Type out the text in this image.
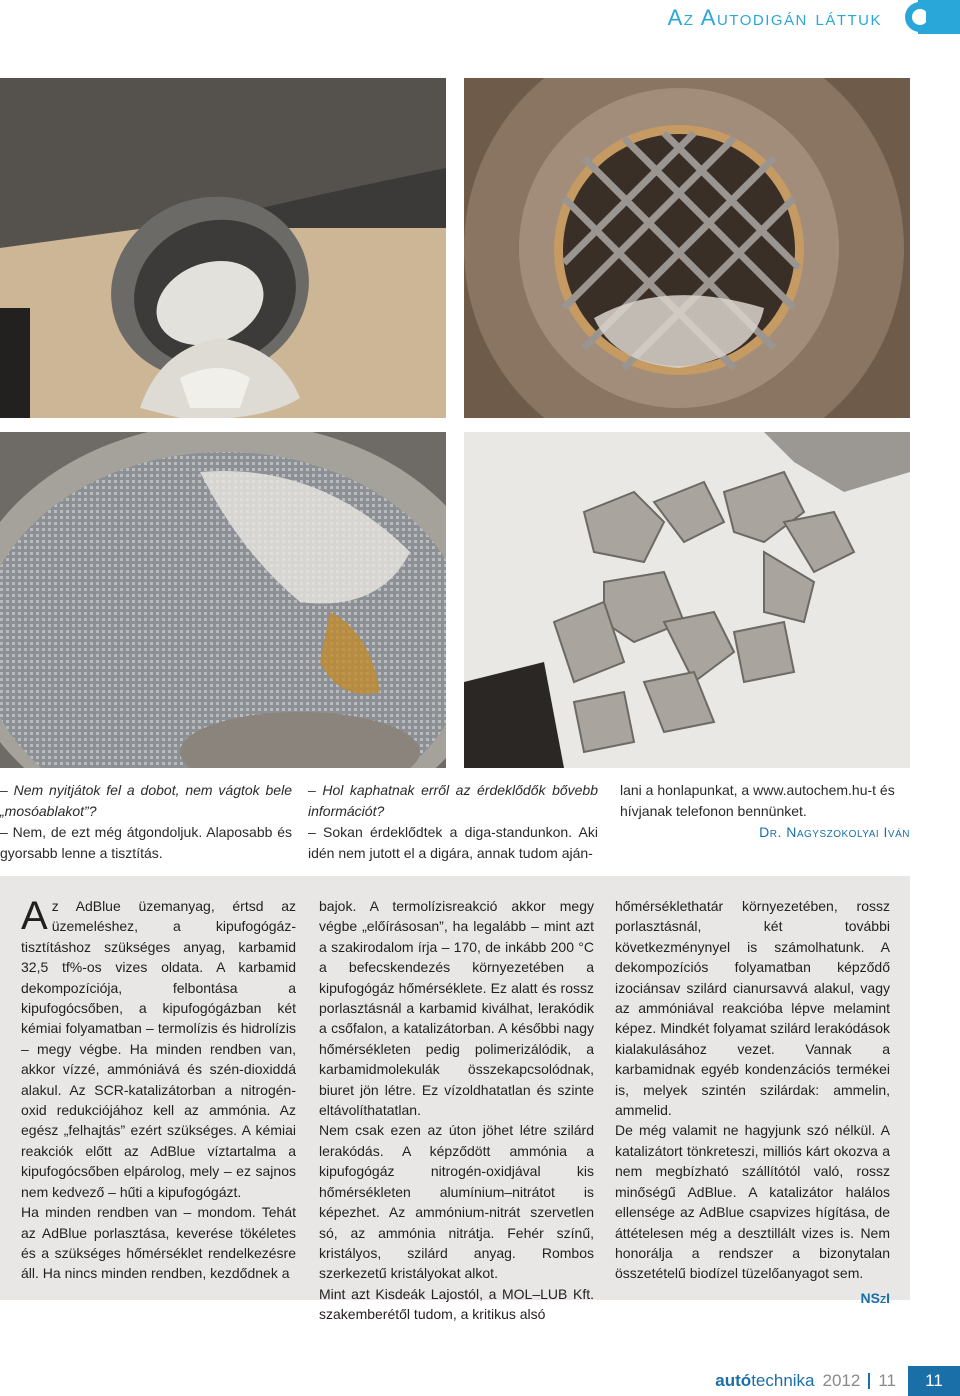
Az Autodigán láttuk

– Nem nyitjátok fel a dobot, nem vágtok bele „mosóablakot”?

– Nem, de ezt még átgondoljuk. Alaposabb és gyorsabb lenne a tisztítás.

– Hol kaphatnak erről az érdeklődők bővebb információt?

– Sokan érdeklődtek a diga-standunkon. Aki idén nem jutott el a digára, annak tudom aján-

lani a honlapunkat, a www.autochem.hu-t és hívjanak telefonon bennünket.

Dr. Nagyszokolyai Iván

Az AdBlue üzemanyag, értsd az üzemeléshez, a kipufogógáz-tisztításhoz szükséges anyag, karbamid 32,5 tf%-os vizes oldata. A karbamid dekompozíciója, felbontása a kipufogócsőben, a kipufogógázban két kémiai folyamatban – termolízis és hidrolízis – megy végbe. Ha minden rendben van, akkor vízzé, ammóniává és szén-dioxiddá alakul. Az SCR-katalizátorban a nitrogén-oxid redukciójához kell az ammónia. Az egész „felhajtás” ezért szükséges. A kémiai reakciók előtt az AdBlue víztartalma a kipufogócsőben elpárolog, mely – ez sajnos nem kedvező – hűti a kipufogógázt.

Ha minden rendben van – mondom. Tehát az AdBlue porlasztása, keverése tökéletes és a szükséges hőmérséklet rendelkezésre áll. Ha nincs minden rendben, kezdődnek a

bajok. A termolízisreakció akkor megy végbe „előírásosan”, ha legalább – mint azt a szakirodalom írja – 170, de inkább 200 °C a befecskendezés környezetében a kipufogógáz hőmérséklete. Ez alatt és rossz porlasztásnál a karbamid kiválhat, lerakódik a csőfalon, a katalizátorban. A későbbi nagy hőmérsékleten pedig polimerizálódik, a karbamidmolekulák összekapcsolódnak, biuret jön létre. Ez vízoldhatatlan és szinte eltávolíthatatlan.

Nem csak ezen az úton jöhet létre szilárd lerakódás. A képződött ammónia a kipufogógáz nitrogén-oxidjával kis hőmérsékleten alumínium–nitrátot is képezhet. Az ammónium-nitrát szervetlen só, az ammónia nitrátja. Fehér színű, kristályos, szilárd anyag. Rombos szerkezetű kristályokat alkot.

Mint azt Kisdeák Lajostól, a MOL–LUB Kft. szakemberétől tudom, a kritikus alsó

hőmérséklethatár környezetében, rossz porlasztásnál, két további következménynyel is számolhatunk. A dekompozíciós folyamatban képződő izociánsav szilárd cianursavvá alakul, vagy az ammóniával reakcióba lépve melamint képez. Mindkét folyamat szilárd lerakódások kialakulásához vezet. Vannak a karbamidnak egyéb kondenzációs termékei is, melyek szintén szilárdak: ammelin, ammelid.

De még valamit ne hagyjunk szó nélkül. A katalizátort tönkreteszi, milliós kárt okozva a nem megbízható szállítótól való, rossz minőségű AdBlue. A katalizátor halálos ellensége az AdBlue csapvizes hígítása, de áttételesen még a desztillált vizes is. Nem honorálja a rendszer a bizonytalan összetételű biodízel tüzelőanyagot sem.

NSzI

autó technika 2012 11	11
